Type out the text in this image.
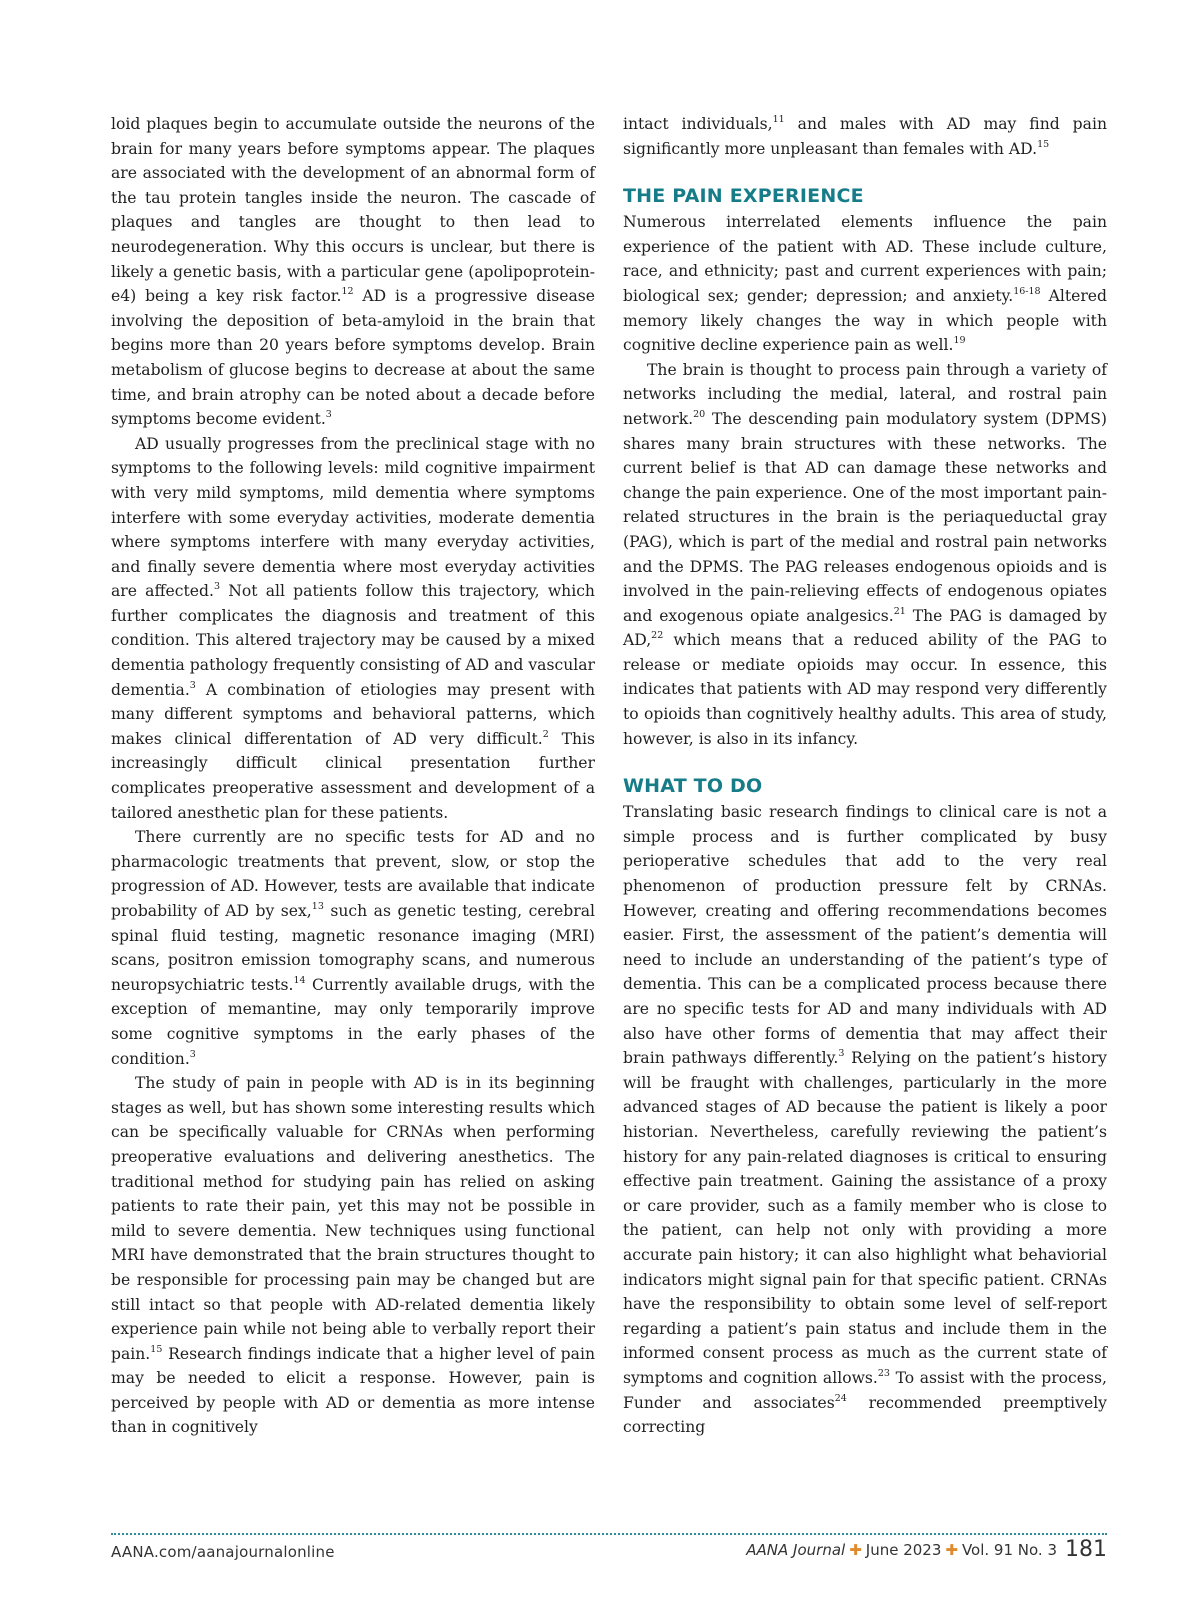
loid plaques begin to accumulate outside the neurons of the brain for many years before symptoms appear. The plaques are associated with the development of an abnormal form of the tau protein tangles inside the neuron. The cascade of plaques and tangles are thought to then lead to neurodegeneration. Why this occurs is unclear, but there is likely a genetic basis, with a particular gene (apolipoprotein-e4) being a key risk factor.$^{12}$ AD is a progressive disease involving the deposition of beta-amyloid in the brain that begins more than 20 years before symptoms develop. Brain metabolism of glucose begins to decrease at about the same time, and brain atrophy can be noted about a decade before symptoms become evident.$^3$

AD usually progresses from the preclinical stage with no symptoms to the following levels: mild cognitive impairment with very mild symptoms, mild dementia where symptoms interfere with some everyday activities, moderate dementia where symptoms interfere with many everyday activities, and finally severe dementia where most everyday activities are affected.$^3$ Not all patients follow this trajectory, which further complicates the diagnosis and treatment of this condition. This altered trajectory may be caused by a mixed dementia pathology frequently consisting of AD and vascular dementia.$^3$ A combination of etiologies may present with many different symptoms and behavioral patterns, which makes clinical differentation of AD very difficult.$^2$ This increasingly difficult clinical presentation further complicates preoperative assessment and development of a tailored anesthetic plan for these patients.

There currently are no specific tests for AD and no pharmacologic treatments that prevent, slow, or stop the progression of AD. However, tests are available that indicate probability of AD by sex,$^{13}$ such as genetic testing, cerebral spinal fluid testing, magnetic resonance imaging (MRI) scans, positron emission tomography scans, and numerous neuropsychiatric tests.$^{14}$ Currently available drugs, with the exception of memantine, may only temporarily improve some cognitive symptoms in the early phases of the condition.$^3$

The study of pain in people with AD is in its beginning stages as well, but has shown some interesting results which can be specifically valuable for CRNAs when performing preoperative evaluations and delivering anesthetics. The traditional method for studying pain has relied on asking patients to rate their pain, yet this may not be possible in mild to severe dementia. New techniques using functional MRI have demonstrated that the brain structures thought to be responsible for processing pain may be changed but are still intact so that people with AD-related dementia likely experience pain while not being able to verbally report their pain.$^{15}$ Research findings indicate that a higher level of pain may be needed to elicit a response. However, pain is perceived by people with AD or dementia as more intense than in cognitively

intact individuals,$^{11}$ and males with AD may find pain significantly more unpleasant than females with AD.$^{15}$

THE PAIN EXPERIENCE

Numerous interrelated elements influence the pain experience of the patient with AD. These include culture, race, and ethnicity; past and current experiences with pain; biological sex; gender; depression; and anxiety.$^{16-18}$ Altered memory likely changes the way in which people with cognitive decline experience pain as well.$^{19}$

The brain is thought to process pain through a variety of networks including the medial, lateral, and rostral pain network.$^{20}$ The descending pain modulatory system (DPMS) shares many brain structures with these networks. The current belief is that AD can damage these networks and change the pain experience. One of the most important pain-related structures in the brain is the periaqueductal gray (PAG), which is part of the medial and rostral pain networks and the DPMS. The PAG releases endogenous opioids and is involved in the pain-relieving effects of endogenous opiates and exogenous opiate analgesics.$^{21}$ The PAG is damaged by AD,$^{22}$ which means that a reduced ability of the PAG to release or mediate opioids may occur. In essence, this indicates that patients with AD may respond very differently to opioids than cognitively healthy adults. This area of study, however, is also in its infancy.

WHAT TO DO

Translating basic research findings to clinical care is not a simple process and is further complicated by busy perioperative schedules that add to the very real phenomenon of production pressure felt by CRNAs. However, creating and offering recommendations becomes easier. First, the assessment of the patient’s dementia will need to include an understanding of the patient’s type of dementia. This can be a complicated process because there are no specific tests for AD and many individuals with AD also have other forms of dementia that may affect their brain pathways differently.$^3$ Relying on the patient’s history will be fraught with challenges, particularly in the more advanced stages of AD because the patient is likely a poor historian. Nevertheless, carefully reviewing the patient’s history for any pain-related diagnoses is critical to ensuring effective pain treatment. Gaining the assistance of a proxy or care provider, such as a family member who is close to the patient, can help not only with providing a more accurate pain history; it can also highlight what behaviorial indicators might signal pain for that specific patient. CRNAs have the responsibility to obtain some level of self-report regarding a patient’s pain status and include them in the informed consent process as much as the current state of symptoms and cognition allows.$^{23}$ To assist with the process, Funder and associates$^{24}$ recommended preemptively correcting

AANA.com/aanajournalonline	AANA Journal ✚ June 2023 ✚ Vol. 91 No. 3 181
